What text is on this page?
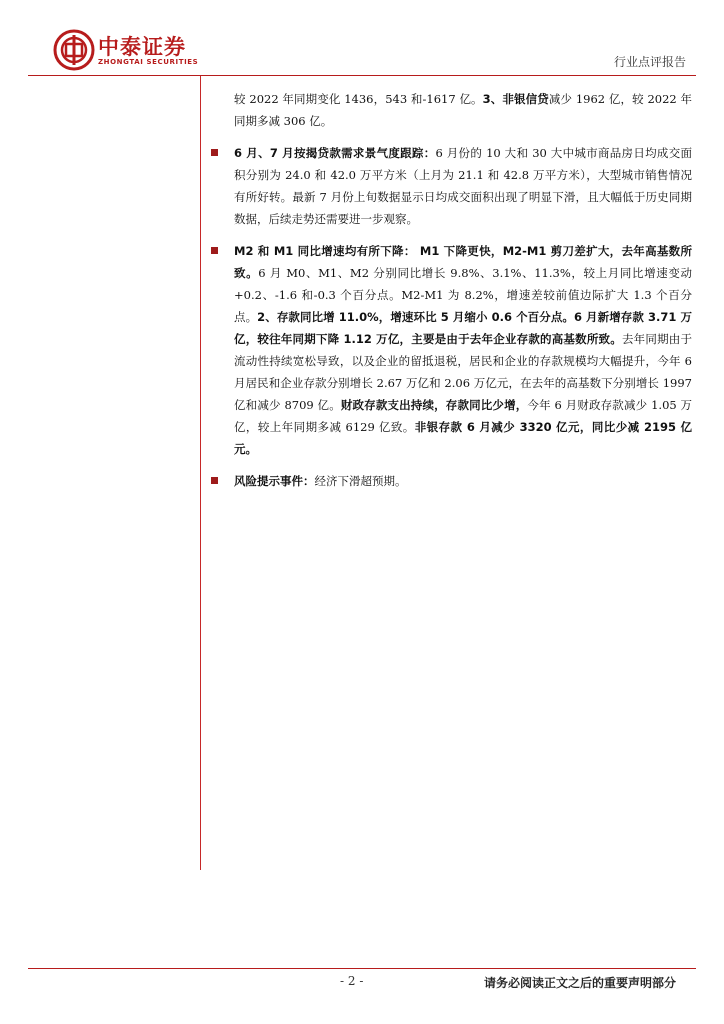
中泰证券
ZHONGTAI SECURITIES	行业点评报告
较 2022 年同期变化 1436，543 和-1617 亿。3、非银信贷减少 1962 亿，较 2022 年同期多减 306 亿。
6 月、7 月按揭贷款需求景气度跟踪：6 月份的 10 大和 30 大中城市商品房日均成交面积分别为 24.0 和 42.0 万平方米（上月为 21.1 和 42.8 万平方米），大型城市销售情况有所好转。最新 7 月份上旬数据显示日均成交面积出现了明显下滑，且大幅低于历史同期数据，后续走势还需要进一步观察。
M2 和 M1 同比增速均有所下降： M1 下降更快，M2-M1 剪刀差扩大，去年高基数所致。6 月 M0、M1、M2 分别同比增长 9.8%、3.1%、11.3%，较上月同比增速变动+0.2、-1.6 和-0.3 个百分点。M2-M1 为 8.2%，增速差较前值边际扩大 1.3 个百分点。2、存款同比增 11.0%，增速环比 5 月缩小 0.6 个百分点。6 月新增存款 3.71 万亿，较往年同期下降 1.12 万亿，主要是由于去年企业存款的高基数所致。去年同期由于流动性持续宽松导致，以及企业的留抵退税，居民和企业的存款规模均大幅提升，今年 6 月居民和企业存款分别增长 2.67 万亿和 2.06 万亿元，在去年的高基数下分别增长 1997 亿和减少 8709 亿。财政存款支出持续，存款同比少增，今年 6 月财政存款减少 1.05 万亿，较上年同期多减 6129 亿致。非银存款 6 月减少 3320 亿元，同比少减 2195 亿元。
风险提示事件：经济下滑超预期。
- 2 -	请务必阅读正文之后的重要声明部分
